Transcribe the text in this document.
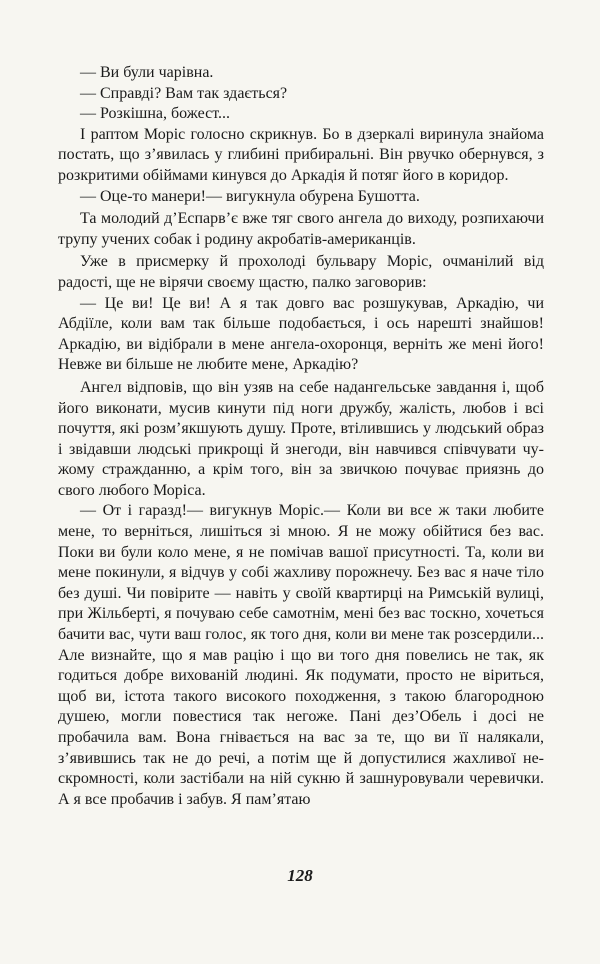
— Ви були чарівна.

— Справді? Вам так здається?

— Розкішна, божест...

І раптом Моріс голосно скрикнув. Бо в дзеркалі виринула знайома постать, що з’явилась у глибині прибиральні. Він рвучко обернувся, з розкритими обіймами кинувся до Аркадія й потяг його в коридор.

— Оце-то манери!— вигукнула обурена Бушотта.

Та молодий д’Еспарв’є вже тяг свого ангела до виходу, розпихаючи трупу учених собак і родину акробатів-американців.

Уже в присмерку й прохолоді бульвару Моріс, очманілий від радості, ще не вірячи своєму щастю, палко заговорив:

— Це ви! Це ви! А я так довго вас розшукував, Аркадію, чи Абдіїле, коли вам так більше подобається, і ось нарешті знайшов! Аркадію, ви відібрали в мене ангела-охоронця, верніть же мені його! Невже ви більше не любите мене, Аркадію?

Ангел відповів, що він узяв на себе надангельське завдання і, щоб його виконати, мусив кинути під ноги дружбу, жалість, любов і всі почуття, які розм’якшують душу. Проте, втілившись у людський образ і звідавши людські прикрощі й знегоди, він навчився співчувати чужому стражданню, а крім того, він за звичкою почуває приязнь до свого любого Моріса.

— От і гаразд!— вигукнув Моріс.— Коли ви все ж таки любите мене, то верніться, лишіться зі мною. Я не можу обійтися без вас. Поки ви були коло мене, я не помічав вашої присутності. Та, коли ви мене покинули, я відчув у собі жахливу порожнечу. Без вас я наче тіло без душі. Чи повірите — навіть у своїй квартирці на Римській вулиці, при Жільберті, я почуваю себе самотнім, мені без вас тоскно, хочеться бачити вас, чути ваш голос, як того дня, коли ви мене так розсердили... Але визнайте, що я мав рацію і що ви того дня повелись не так, як годиться добре вихованій людині. Як подумати, просто не віриться, щоб ви, істота такого високого походження, з такою благородною душею, могли повестися так негоже. Пані дез’Обель і досі не пробачила вам. Вона гнівається на вас за те, що ви її налякали, з’явившись так не до речі, а потім ще й допустилися жахливої нескромності, коли застібали на ній сукню й зашнуровували черевички. А я все пробачив і забув. Я пам’ятаю

128
